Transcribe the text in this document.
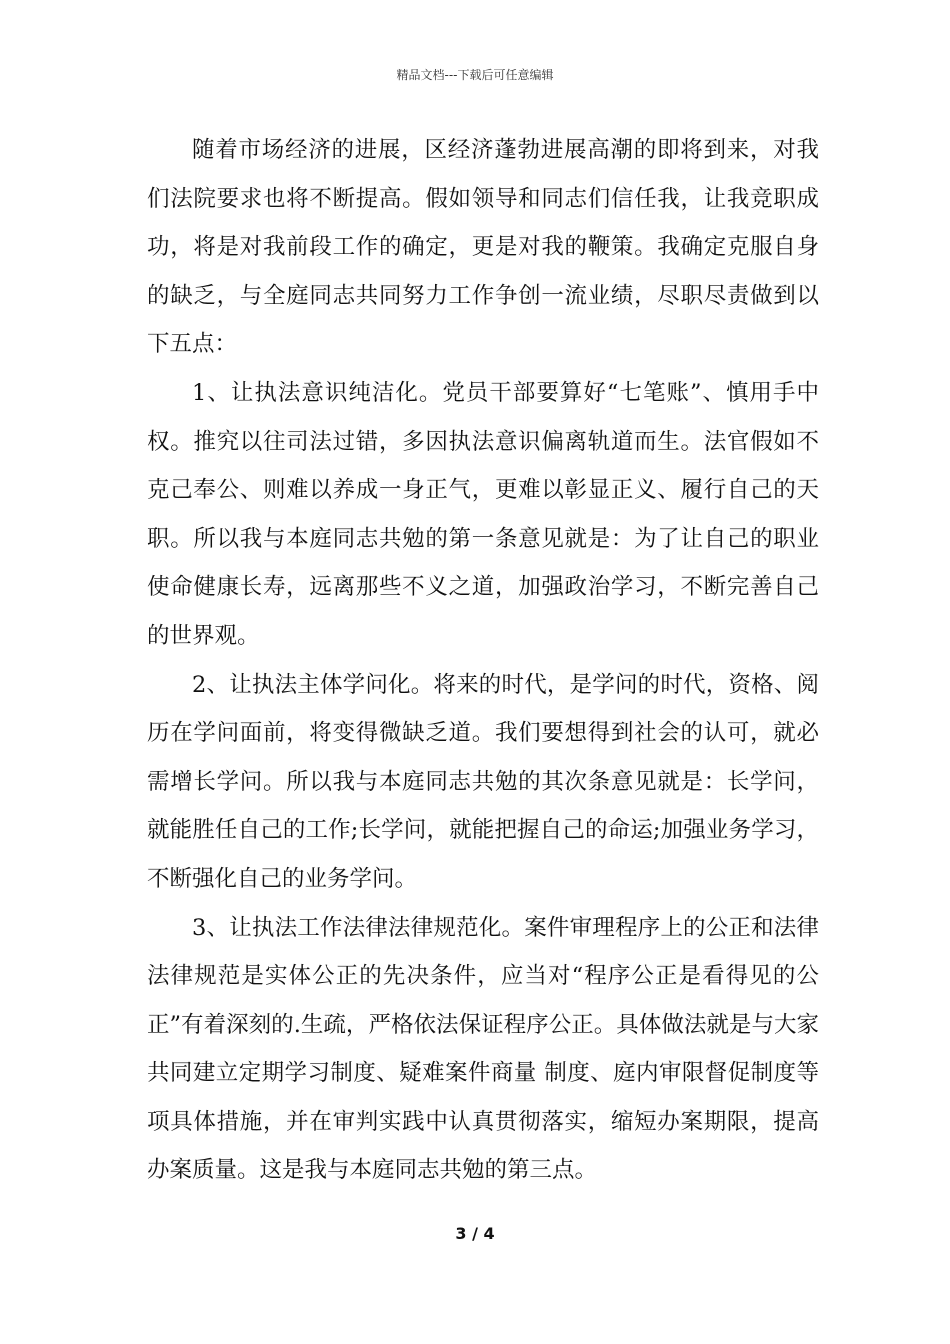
精品文档---下载后可任意编辑

随着市场经济的进展，区经济蓬勃进展高潮的即将到来，对我们法院要求也将不断提高。假如领导和同志们信任我，让我竞职成功，将是对我前段工作的确定，更是对我的鞭策。我确定克服自身的缺乏，与全庭同志共同努力工作争创一流业绩，尽职尽责做到以下五点：

1、让执法意识纯洁化。党员干部要算好“七笔账”、慎用手中权。推究以往司法过错，多因执法意识偏离轨道而生。法官假如不克己奉公、则难以养成一身正气，更难以彰显正义、履行自己的天职。所以我与本庭同志共勉的第一条意见就是：为了让自己的职业使命健康长寿，远离那些不义之道，加强政治学习，不断完善自己的世界观。

2、让执法主体学问化。将来的时代，是学问的时代，资格、阅历在学问面前，将变得微缺乏道。我们要想得到社会的认可，就必需增长学问。所以我与本庭同志共勉的其次条意见就是：长学问，就能胜任自己的工作;长学问，就能把握自己的命运;加强业务学习，不断强化自己的业务学问。

3、让执法工作法律法律规范化。案件审理程序上的公正和法律法律规范是实体公正的先决条件，应当对“程序公正是看得见的公正”有着深刻的.生疏，严格依法保证程序公正。具体做法就是与大家共同建立定期学习制度、疑难案件商量 制度、庭内审限督促制度等项具体措施，并在审判实践中认真贯彻落实，缩短办案期限，提高办案质量。这是我与本庭同志共勉的第三点。

3 / 4
